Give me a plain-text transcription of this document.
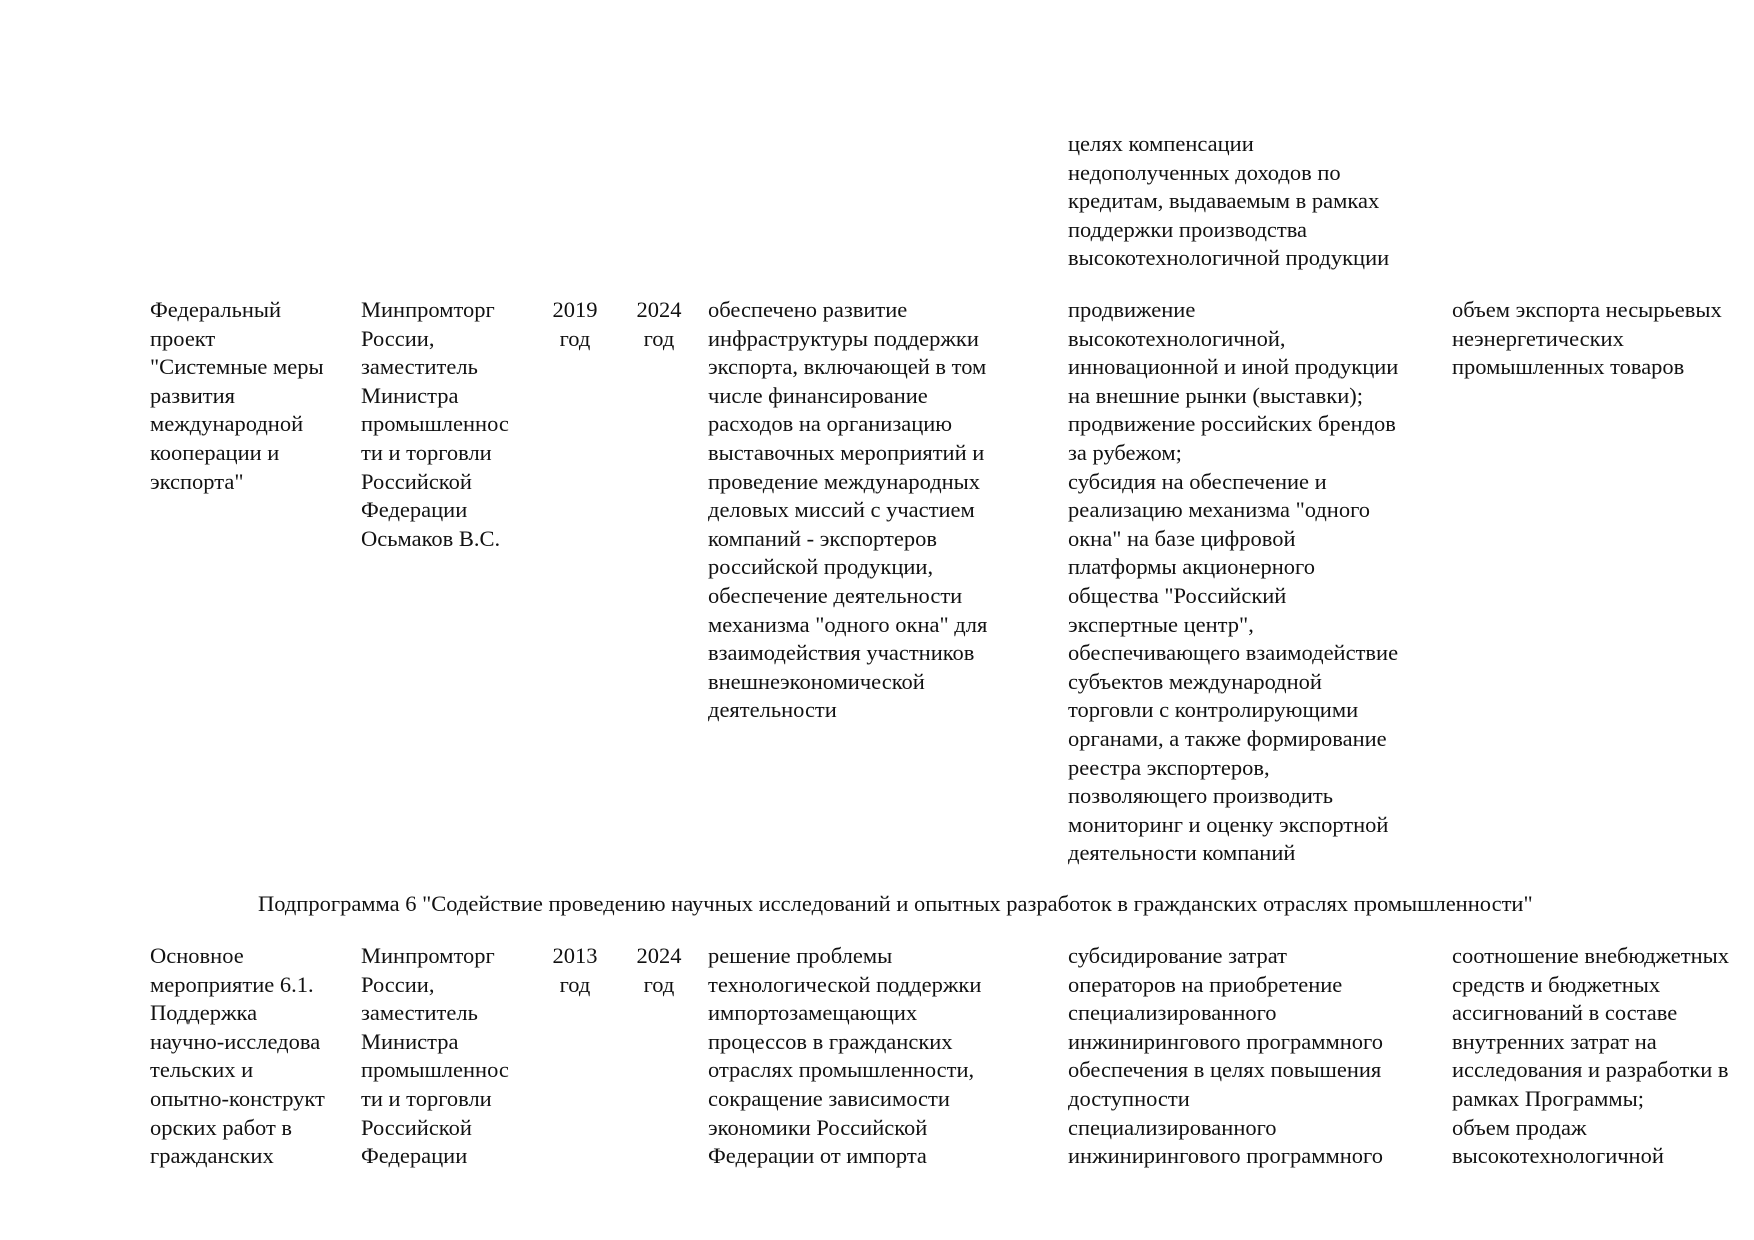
целях компенсации
недополученных доходов по
кредитам, выдаваемым в рамках
поддержки производства
высокотехнологичной продукции
Федеральный
проект
"Системные меры
развития
международной
кооперации и
экспорта"
Минпромторг
России,
заместитель
Министра
промышленнос
ти и торговли
Российской
Федерации
Осьмаков В.С.
2019
год
2024
год
обеспечено развитие
инфраструктуры поддержки
экспорта, включающей в том
числе финансирование
расходов на организацию
выставочных мероприятий и
проведение международных
деловых миссий с участием
компаний - экспортеров
российской продукции,
обеспечение деятельности
механизма "одного окна" для
взаимодействия участников
внешнеэкономической
деятельности
продвижение
высокотехнологичной,
инновационной и иной продукции
на внешние рынки (выставки);
продвижение российских брендов
за рубежом;
субсидия на обеспечение и
реализацию механизма "одного
окна" на базе цифровой
платформы акционерного
общества "Российский
экспертные центр",
обеспечивающего взаимодействие
субъектов международной
торговли с контролирующими
органами, а также формирование
реестра экспортеров,
позволяющего производить
мониторинг и оценку экспортной
деятельности компаний
объем экспорта несырьевых
неэнергетических
промышленных товаров
Подпрограмма 6 "Содействие проведению научных исследований и опытных разработок в гражданских отраслях промышленности"
Основное
мероприятие 6.1.
Поддержка
научно-исследова
тельских и
опытно-конструкт
орских работ в
гражданских
Минпромторг
России,
заместитель
Министра
промышленнос
ти и торговли
Российской
Федерации
2013
год
2024
год
решение проблемы
технологической поддержки
импортозамещающих
процессов в гражданских
отраслях промышленности,
сокращение зависимости
экономики Российской
Федерации от импорта
субсидирование затрат
операторов на приобретение
специализированного
инжинирингового программного
обеспечения в целях повышения
доступности
специализированного
инжинирингового программного
соотношение внебюджетных
средств и бюджетных
ассигнований в составе
внутренних затрат на
исследования и разработки в
рамках Программы;
объем продаж
высокотехнологичной
